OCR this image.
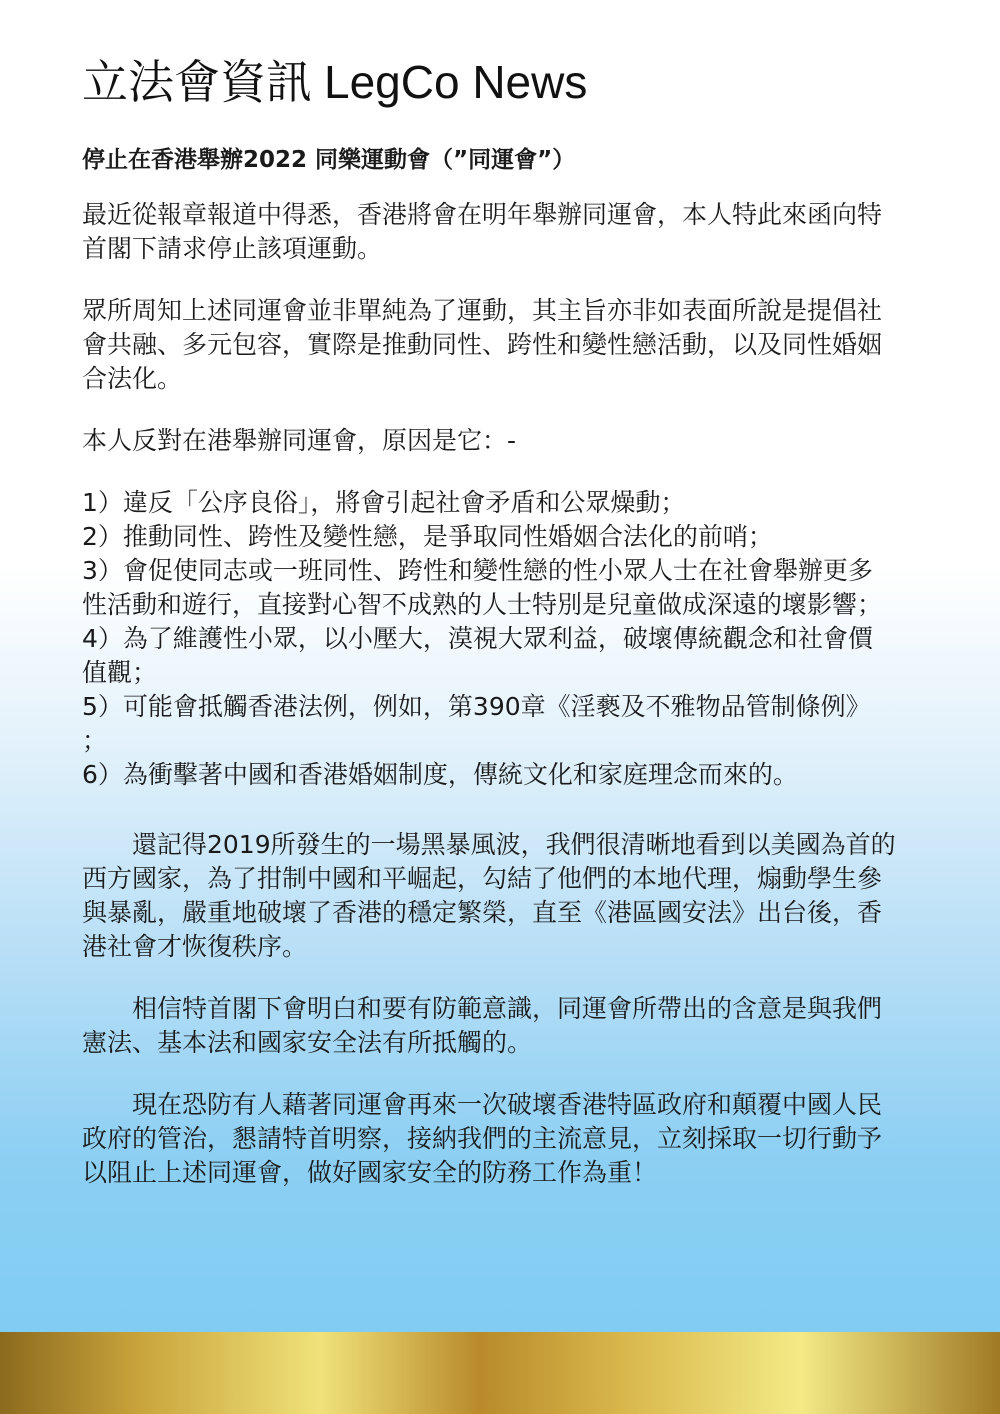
立法會資訊 LegCo News
停止在香港舉辦2022 同樂運動會（”同運會”）

最近從報章報道中得悉，香港將會在明年舉辦同運會，本人特此來函向特首閣下請求停止該項運動。

眾所周知上述同運會並非單純為了運動，其主旨亦非如表面所說是提倡社會共融、多元包容，實際是推動同性、跨性和變性戀活動，以及同性婚姻合法化。

本人反對在港舉辦同運會，原因是它：-

1）違反「公序良俗」，將會引起社會矛盾和公眾燥動；
2）推動同性、跨性及變性戀，是爭取同性婚姻合法化的前哨；
3）會促使同志或一班同性、跨性和變性戀的性小眾人士在社會舉辦更多性活動和遊行，直接對心智不成熟的人士特別是兒童做成深遠的壞影響；
4）為了維護性小眾，以小壓大，漠視大眾利益，破壞傳統觀念和社會價值觀；
5）可能會抵觸香港法例，例如，第390章《淫褻及不雅物品管制條例》 ；
6）為衝擊著中國和香港婚姻制度，傳統文化和家庭理念而來的。

還記得2019所發生的一場黑暴風波，我們很清晰地看到以美國為首的西方國家，為了拑制中國和平崛起，勾結了他們的本地代理，煽動學生參與暴亂，嚴重地破壞了香港的穩定繁榮，直至《港區國安法》出台後，香港社會才恢復秩序。

相信特首閣下會明白和要有防範意識，同運會所帶出的含意是與我們憲法、基本法和國家安全法有所抵觸的。

現在恐防有人藉著同運會再來一次破壞香港特區政府和顛覆中國人民政府的管治，懇請特首明察，接納我們的主流意見，立刻採取一切行動予以阻止上述同運會，做好國家安全的防務工作為重！
